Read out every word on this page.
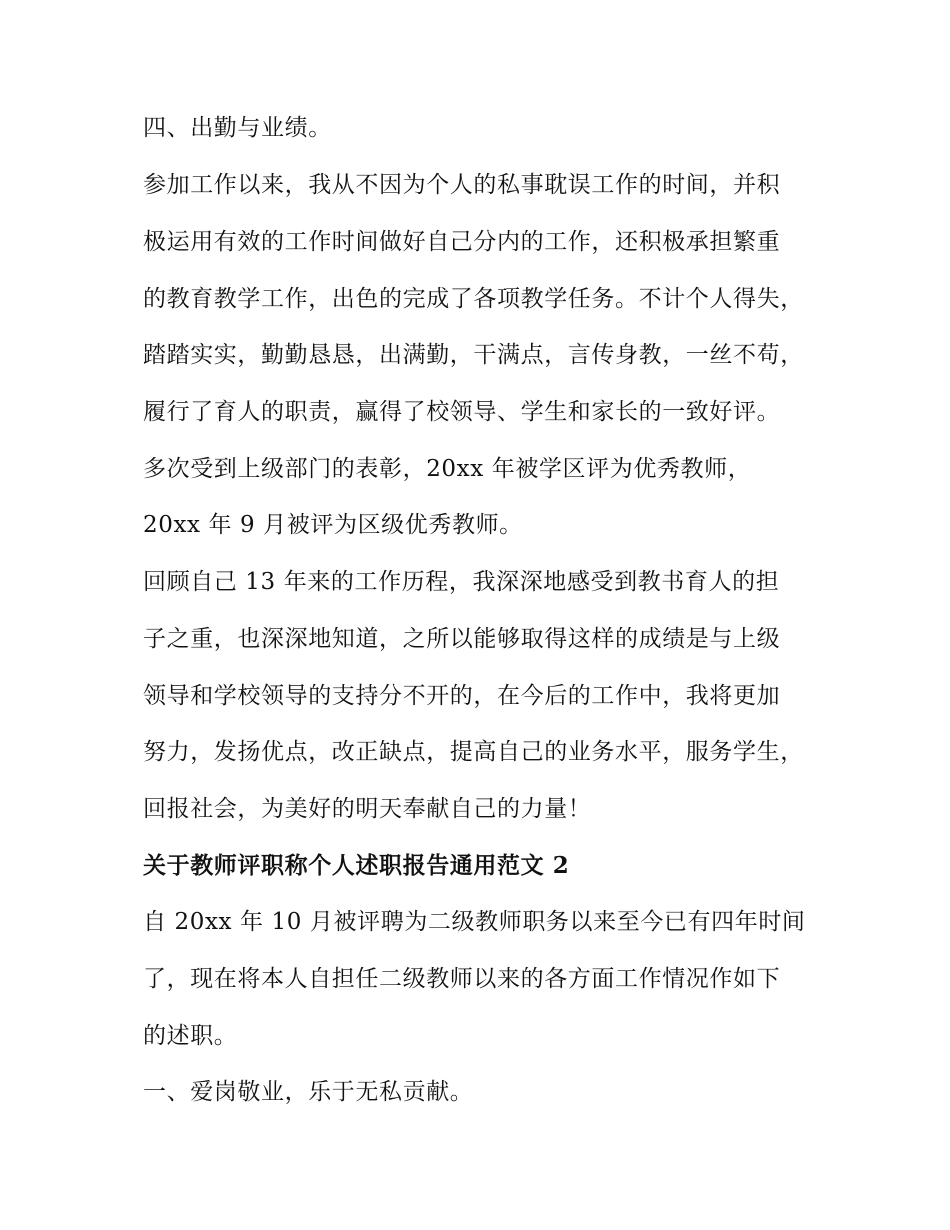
四、出勤与业绩。
参加工作以来，我从不因为个人的私事耽误工作的时间，并积
极运用有效的工作时间做好自己分内的工作，还积极承担繁重
的教育教学工作，出色的完成了各项教学任务。不计个人得失，
踏踏实实，勤勤恳恳，出满勤，干满点，言传身教，一丝不苟，
履行了育人的职责，赢得了校领导、学生和家长的一致好评。
多次受到上级部门的表彰，20xx 年被学区评为优秀教师，
20xx 年 9 月被评为区级优秀教师。
回顾自己 13 年来的工作历程，我深深地感受到教书育人的担
子之重，也深深地知道，之所以能够取得这样的成绩是与上级
领导和学校领导的支持分不开的，在今后的工作中，我将更加
努力，发扬优点，改正缺点，提高自己的业务水平，服务学生，
回报社会，为美好的明天奉献自己的力量！
关于教师评职称个人述职报告通用范文 2
自 20xx 年 10 月被评聘为二级教师职务以来至今已有四年时间
了，现在将本人自担任二级教师以来的各方面工作情况作如下
的述职。
一、爱岗敬业，乐于无私贡献。
